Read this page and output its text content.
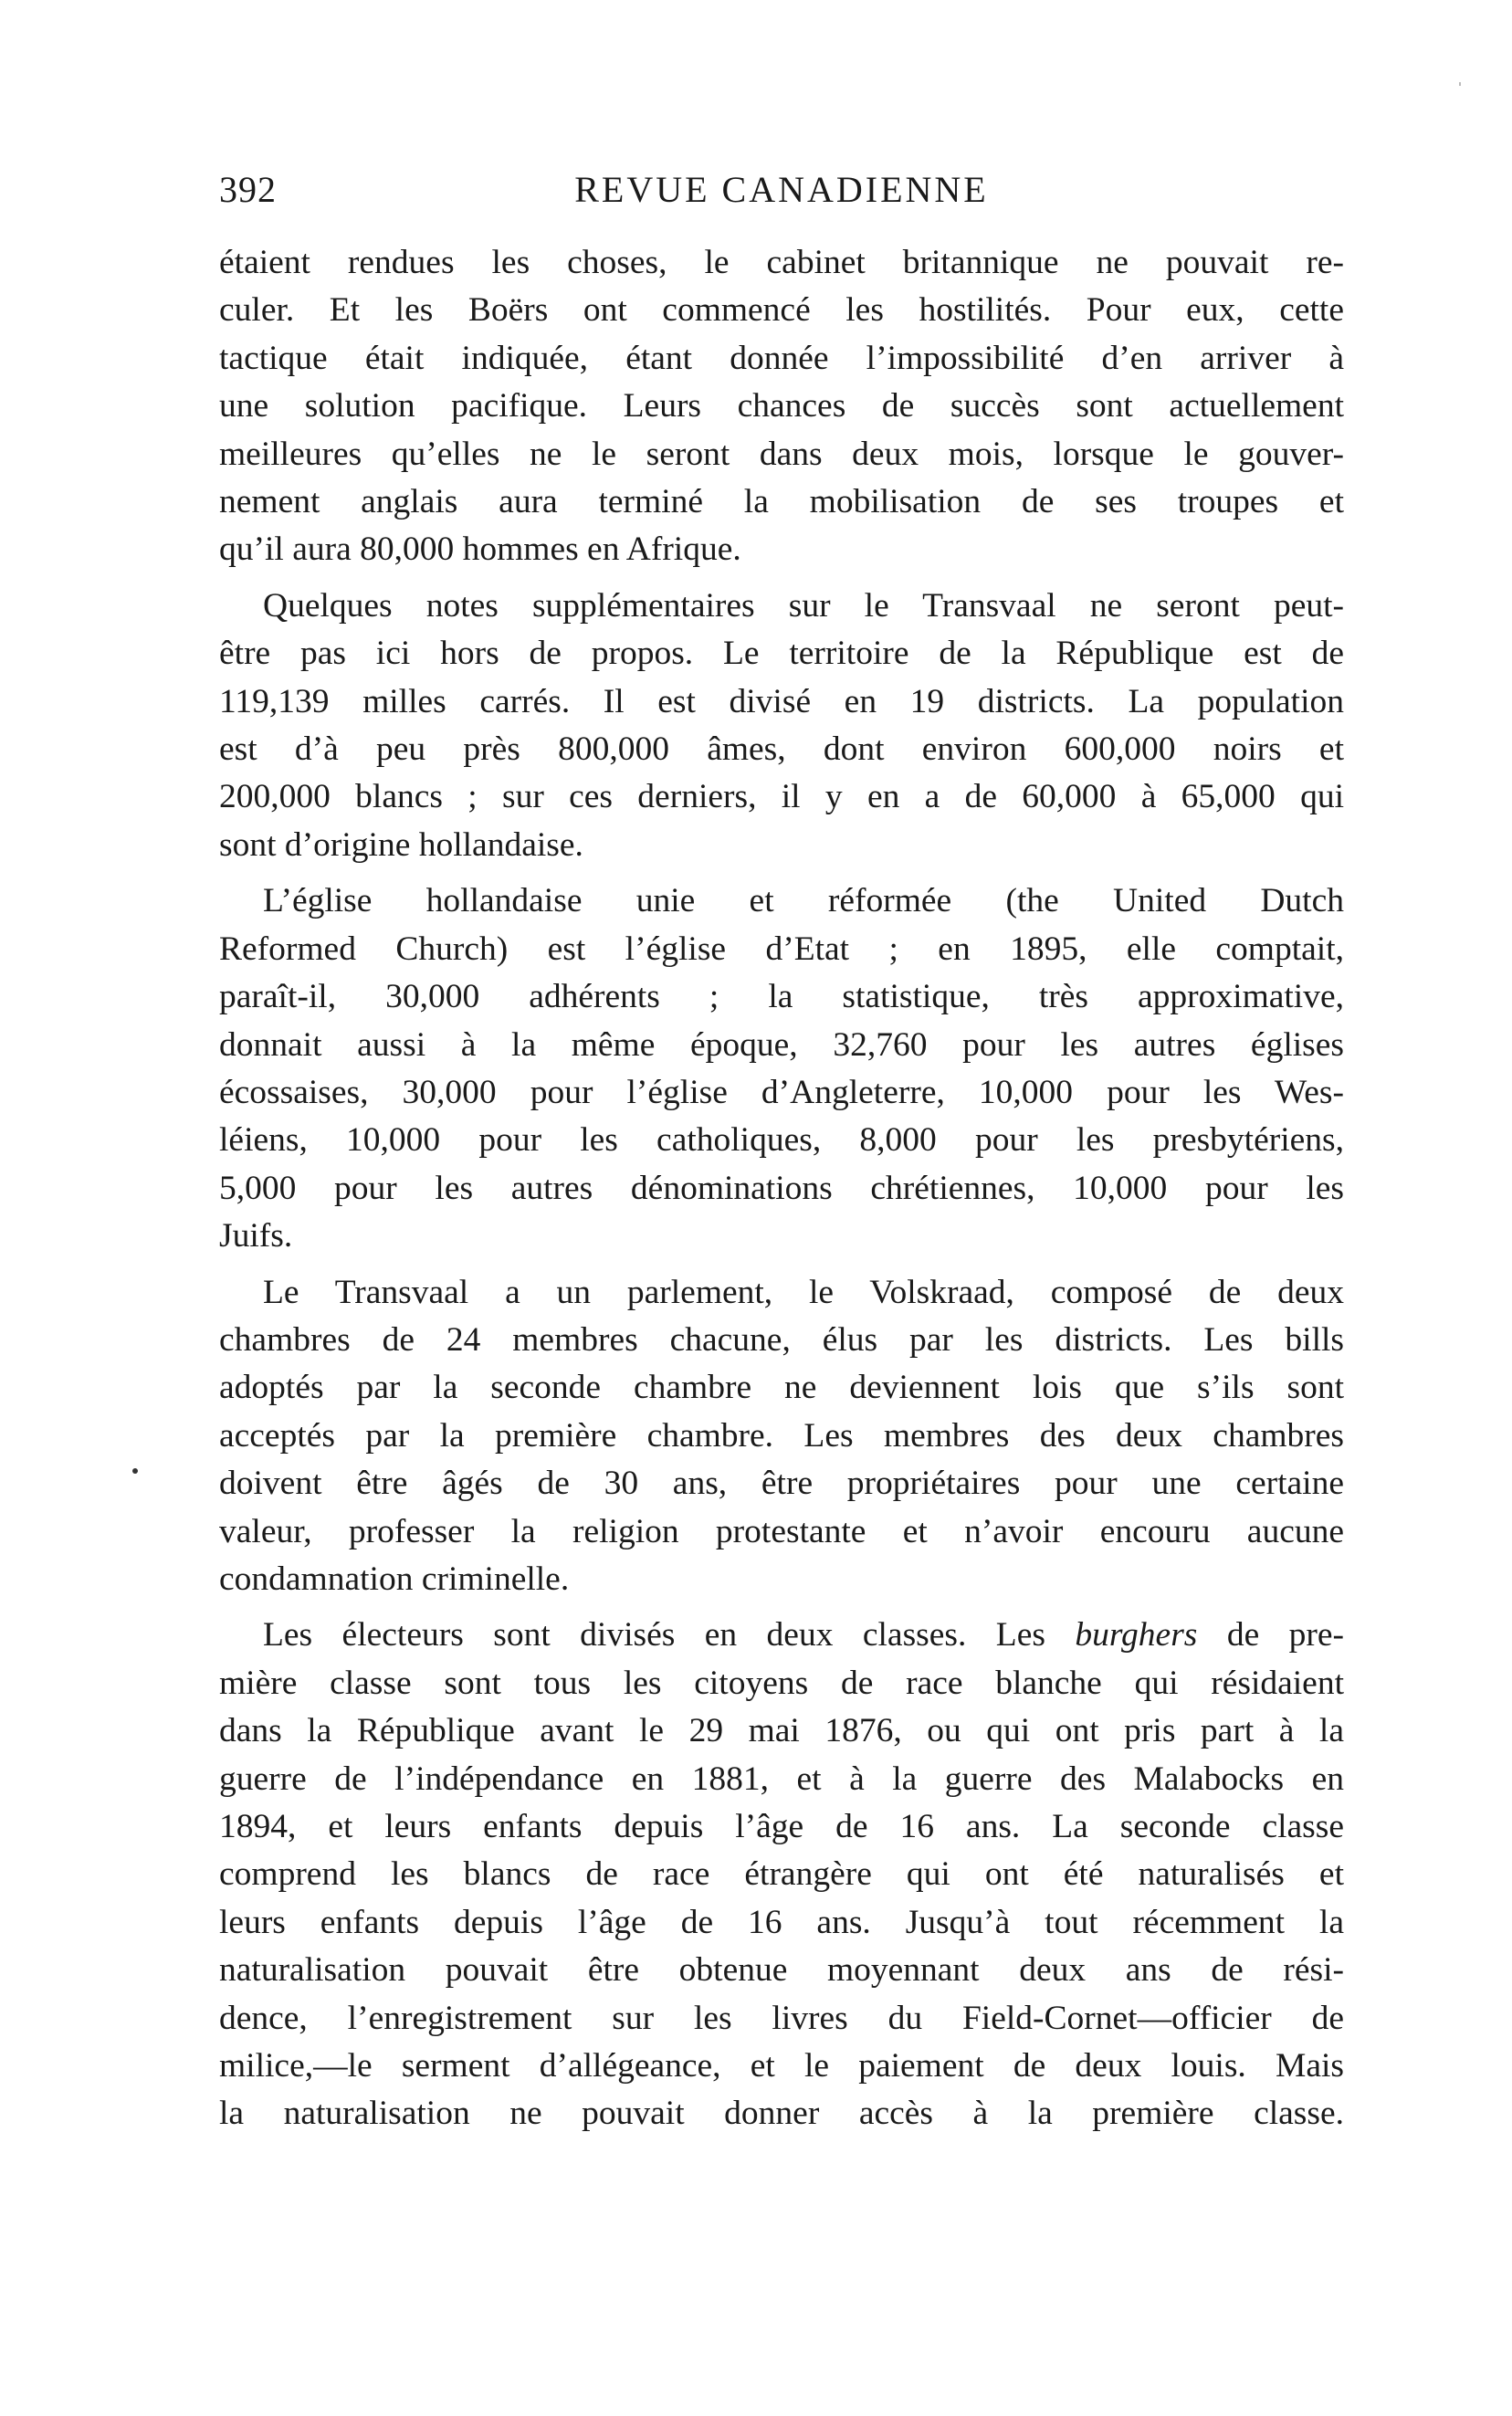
392	REVUE CANADIENNE

étaient rendues les choses, le cabinet britannique ne pouvait re-
culer. Et les Boërs ont commencé les hostilités. Pour eux, cette
tactique était indiquée, étant donnée l’impossibilité d’en arriver à
une solution pacifique. Leurs chances de succès sont actuellement
meilleures qu’elles ne le seront dans deux mois, lorsque le gouver-
nement anglais aura terminé la mobilisation de ses troupes et
qu’il aura 80,000 hommes en Afrique.

Quelques notes supplémentaires sur le Transvaal ne seront peut-
être pas ici hors de propos. Le territoire de la République est de
119,139 milles carrés. Il est divisé en 19 districts. La population
est d’à peu près 800,000 âmes, dont environ 600,000 noirs et
200,000 blancs ; sur ces derniers, il y en a de 60,000 à 65,000 qui
sont d’origine hollandaise.

L’église hollandaise unie et réformée (the United Dutch
Reformed Church) est l’église d’Etat ; en 1895, elle comptait,
paraît-il, 30,000 adhérents ; la statistique, très approximative,
donnait aussi à la même époque, 32,760 pour les autres églises
écossaises, 30,000 pour l’église d’Angleterre, 10,000 pour les Wes-
léiens, 10,000 pour les catholiques, 8,000 pour les presbytériens,
5,000 pour les autres dénominations chrétiennes, 10,000 pour les
Juifs.

Le Transvaal a un parlement, le Volskraad, composé de deux
chambres de 24 membres chacune, élus par les districts. Les bills
adoptés par la seconde chambre ne deviennent lois que s’ils sont
acceptés par la première chambre. Les membres des deux chambres
doivent être âgés de 30 ans, être propriétaires pour une certaine
valeur, professer la religion protestante et n’avoir encouru aucune
condamnation criminelle.

Les électeurs sont divisés en deux classes. Les burghers de pre-
mière classe sont tous les citoyens de race blanche qui résidaient
dans la République avant le 29 mai 1876, ou qui ont pris part à la
guerre de l’indépendance en 1881, et à la guerre des Malabocks en
1894, et leurs enfants depuis l’âge de 16 ans. La seconde classe
comprend les blancs de race étrangère qui ont été naturalisés et
leurs enfants depuis l’âge de 16 ans. Jusqu’à tout récemment la
naturalisation pouvait être obtenue moyennant deux ans de rési-
dence, l’enregistrement sur les livres du Field-Cornet—officier de
milice,—le serment d’allégeance, et le paiement de deux louis. Mais
la naturalisation ne pouvait donner accès à la première classe.
